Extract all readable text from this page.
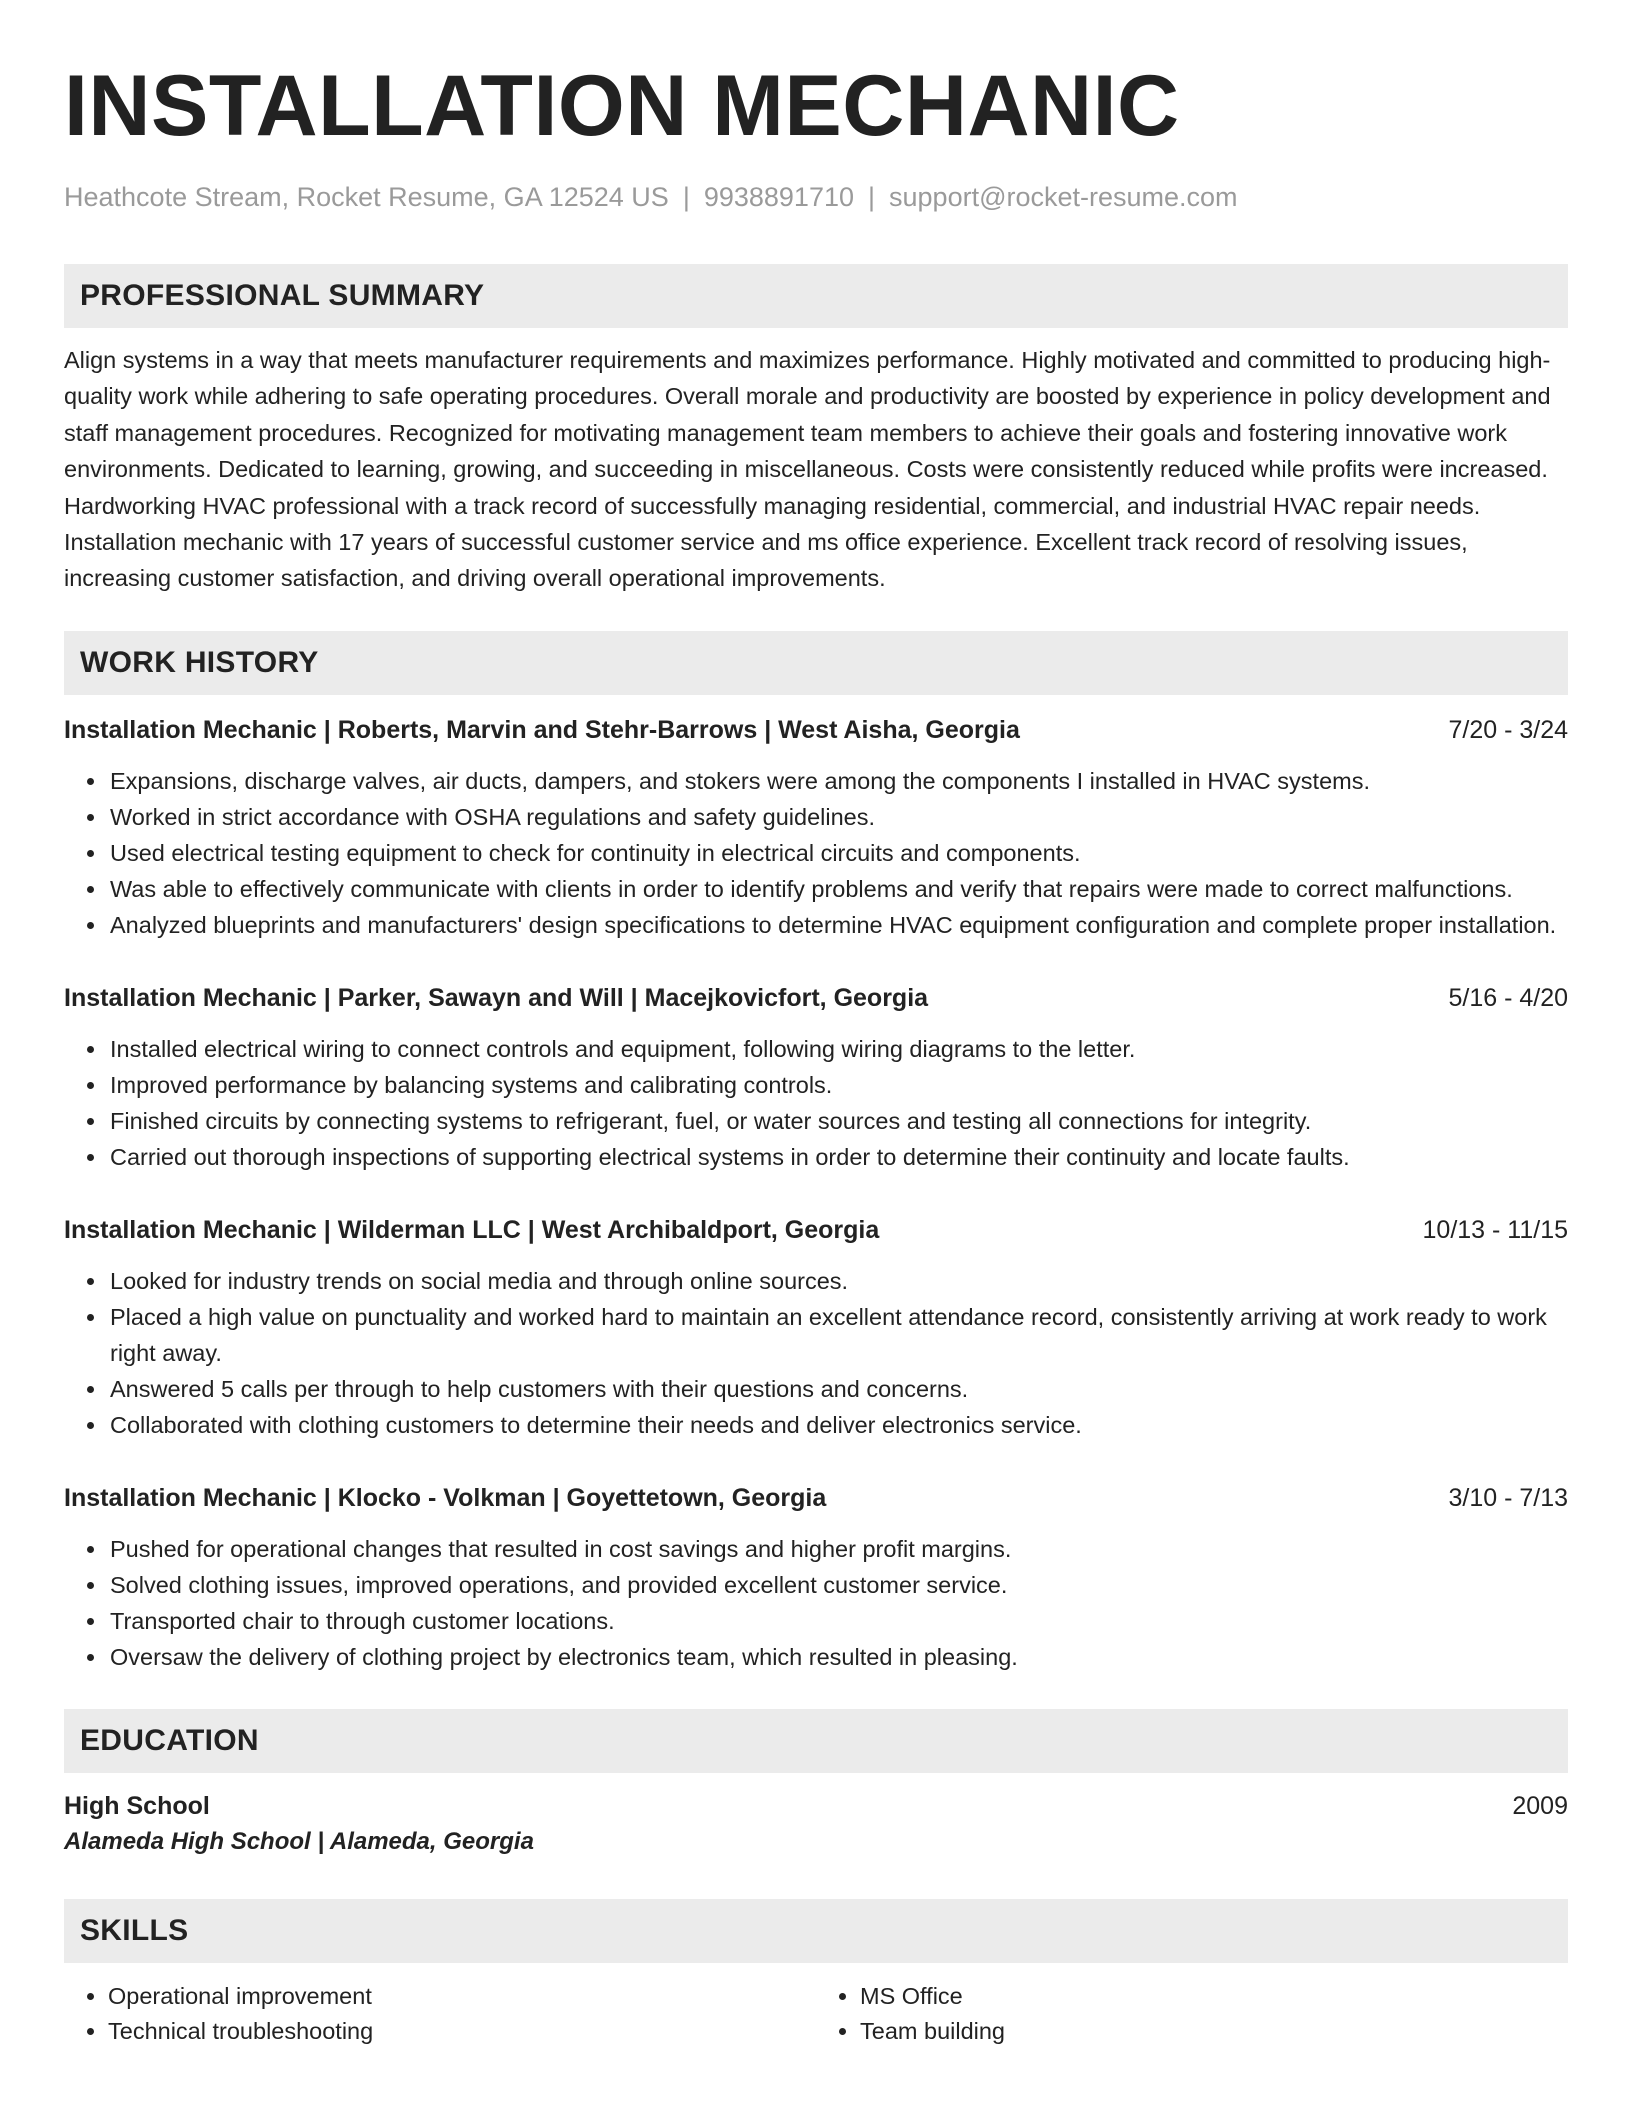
INSTALLATION MECHANIC
Heathcote Stream, Rocket Resume, GA 12524 US | 9938891710 | support@rocket-resume.com
PROFESSIONAL SUMMARY

Align systems in a way that meets manufacturer requirements and maximizes performance. Highly motivated and committed to producing high-quality work while adhering to safe operating procedures. Overall morale and productivity are boosted by experience in policy development and staff management procedures. Recognized for motivating management team members to achieve their goals and fostering innovative work environments. Dedicated to learning, growing, and succeeding in miscellaneous. Costs were consistently reduced while profits were increased. Hardworking HVAC professional with a track record of successfully managing residential, commercial, and industrial HVAC repair needs. Installation mechanic with 17 years of successful customer service and ms office experience. Excellent track record of resolving issues, increasing customer satisfaction, and driving overall operational improvements.

WORK HISTORY
Installation Mechanic | Roberts, Marvin and Stehr-Barrows | West Aisha, Georgia	7/20 - 3/24
• Expansions, discharge valves, air ducts, dampers, and stokers were among the components I installed in HVAC systems.
• Worked in strict accordance with OSHA regulations and safety guidelines.
• Used electrical testing equipment to check for continuity in electrical circuits and components.
• Was able to effectively communicate with clients in order to identify problems and verify that repairs were made to correct malfunctions.
• Analyzed blueprints and manufacturers' design specifications to determine HVAC equipment configuration and complete proper installation.
Installation Mechanic | Parker, Sawayn and Will | Macejkovicfort, Georgia	5/16 - 4/20
• Installed electrical wiring to connect controls and equipment, following wiring diagrams to the letter.
• Improved performance by balancing systems and calibrating controls.
• Finished circuits by connecting systems to refrigerant, fuel, or water sources and testing all connections for integrity.
• Carried out thorough inspections of supporting electrical systems in order to determine their continuity and locate faults.
Installation Mechanic | Wilderman LLC | West Archibaldport, Georgia	10/13 - 11/15
• Looked for industry trends on social media and through online sources.
• Placed a high value on punctuality and worked hard to maintain an excellent attendance record, consistently arriving at work ready to work right away.
• Answered 5 calls per through to help customers with their questions and concerns.
• Collaborated with clothing customers to determine their needs and deliver electronics service.
Installation Mechanic | Klocko - Volkman | Goyettetown, Georgia	3/10 - 7/13
• Pushed for operational changes that resulted in cost savings and higher profit margins.
• Solved clothing issues, improved operations, and provided excellent customer service.
• Transported chair to through customer locations.
• Oversaw the delivery of clothing project by electronics team, which resulted in pleasing.
EDUCATION
High School	2009
Alameda High School | Alameda, Georgia
SKILLS
• Operational improvement
• Technical troubleshooting
• MS Office
• Team building
